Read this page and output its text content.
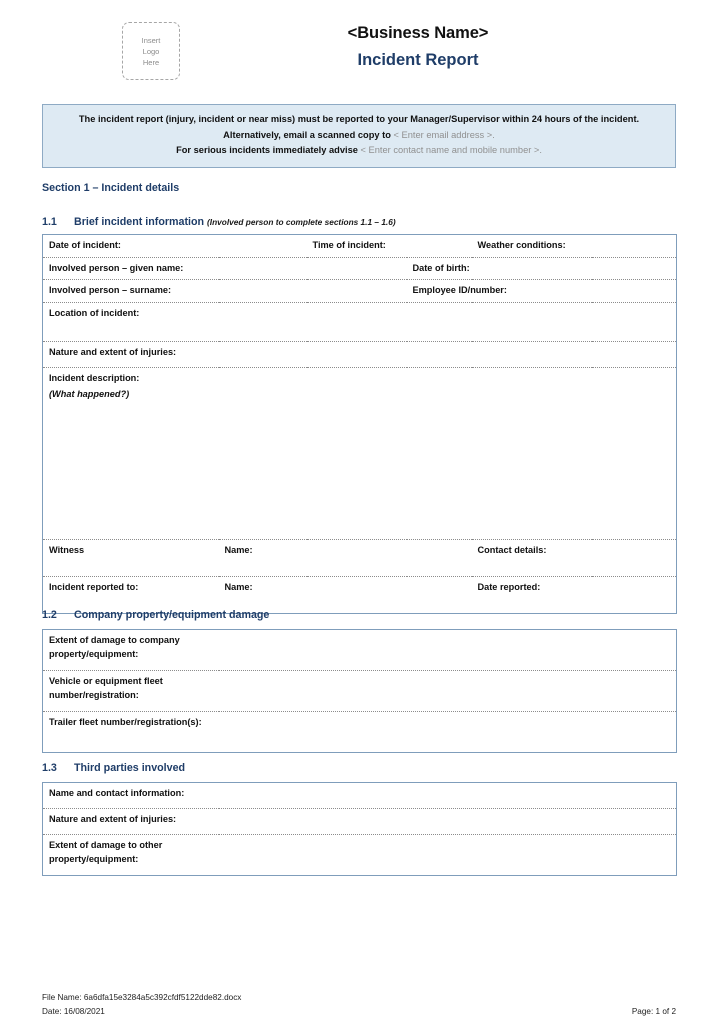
Insert
Logo
Here
<Business Name>
Incident Report
The incident report (injury, incident or near miss) must be reported to your Manager/Supervisor within 24 hours of the incident. Alternatively, email a scanned copy to < Enter email address >.
For serious incidents immediately advise < Enter contact name and mobile number >.
Section 1 – Incident details
1.1 Brief incident information (Involved person to complete sections 1.1 – 1.6)
Date of incident:		Time of incident:		Weather conditions:	
Involved person – given name:			Date of birth:		
Involved person – surname:			Employee ID/number:		
Location of incident:					
Nature and extent of injuries:					

Incident description:
(What happened?)					

Witness	Name:			Contact details:	
Incident reported to:	Name:			Date reported:	
1.2 Company property/equipment damage
Extent of damage to company property/equipment:	
Vehicle or equipment fleet number/registration:	
Trailer fleet number/registration(s):	
1.3 Third parties involved
Name and contact information:	
Nature and extent of injuries:	
Extent of damage to other property/equipment:	
File Name: 6a6dfa15e3284a5c392cfdf5122dde82.docx
Date: 16/08/2021	Page: 1 of 2
